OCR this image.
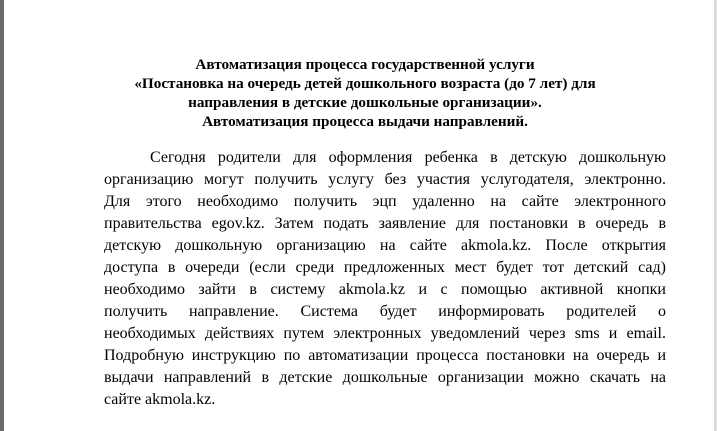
Автоматизация процесса государственной услуги
«Постановка на очередь детей дошкольного возраста (до 7 лет) для
направления в детские дошкольные организации».
Автоматизация процесса выдачи направлений.
Сегодня родители для оформления ребенка в детскую дошкольную
организацию могут получить услугу без участия услугодателя, электронно.
Для этого необходимо получить эцп удаленно на сайте электронного
правительства egov.kz. Затем подать заявление для постановки в очередь в
детскую дошкольную организацию на сайте akmola.kz. После открытия
доступа в очереди (если среди предложенных мест будет тот детский сад)
необходимо зайти в систему akmola.kz и с помощью активной кнопки
получить направление. Система будет информировать родителей о
необходимых действиях путем электронных уведомлений через sms и email.
Подробную инструкцию по автоматизации процесса постановки на очередь и
выдачи направлений в детские дошкольные организации можно скачать на
сайте akmola.kz.
